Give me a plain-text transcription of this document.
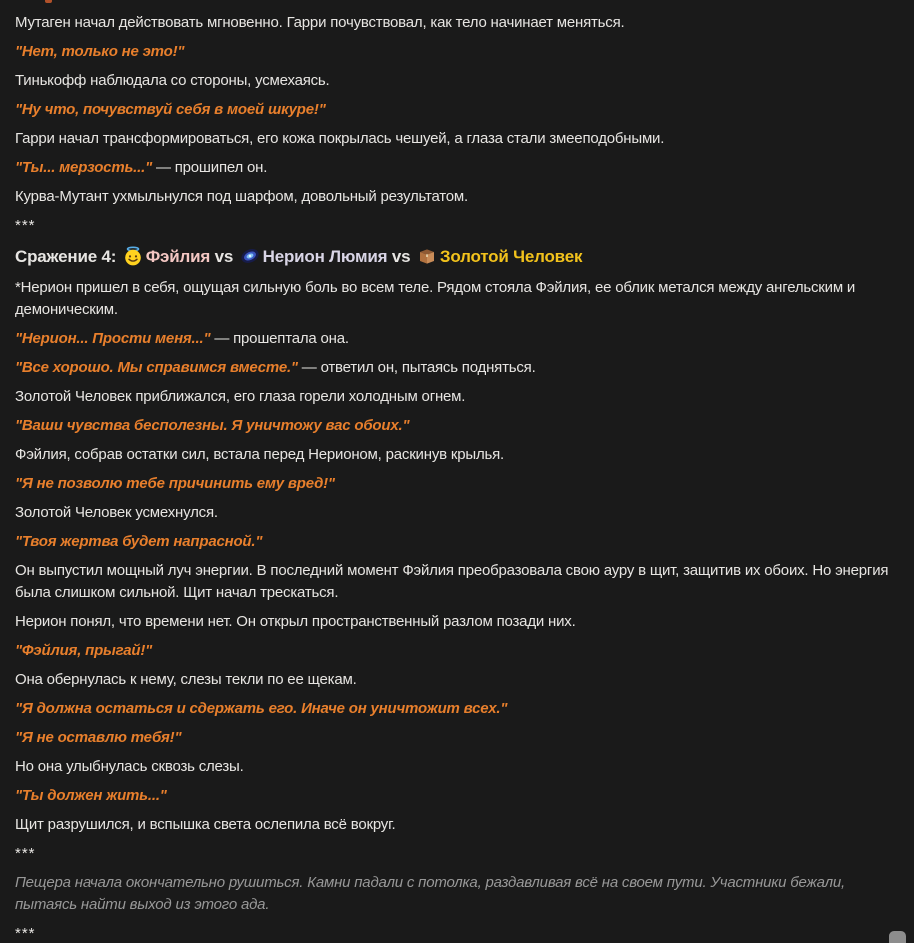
Мутаген начал действовать мгновенно. Гарри почувствовал, как тело начинает меняться.

"Нет, только не это!"

Тинькофф наблюдала со стороны, усмехаясь.

"Ну что, почувствуй себя в моей шкуре!"

Гарри начал трансформироваться, его кожа покрылась чешуей, а глаза стали змееподобными.

"Ты... мерзость..." — прошипел он.

Курва-Мутант ухмыльнулся под шарфом, довольный результатом.

***

Сражение 4: Фэйлия vs Нерион Люмия vs Золотой Человек

*Нерион пришел в себя, ощущая сильную боль во всем теле. Рядом стояла Фэйлия, ее облик метался между ангельским и демоническим.

"Нерион... Прости меня..." — прошептала она.

"Все хорошо. Мы справимся вместе." — ответил он, пытаясь подняться.

Золотой Человек приближался, его глаза горели холодным огнем.

"Ваши чувства бесполезны. Я уничтожу вас обоих."

Фэйлия, собрав остатки сил, встала перед Нерионом, раскинув крылья.

"Я не позволю тебе причинить ему вред!"

Золотой Человек усмехнулся.

"Твоя жертва будет напрасной."

Он выпустил мощный луч энергии. В последний момент Фэйлия преобразовала свою ауру в щит, защитив их обоих. Но энергия была слишком сильной. Щит начал трескаться.

Нерион понял, что времени нет. Он открыл пространственный разлом позади них.

"Фэйлия, прыгай!"

Она обернулась к нему, слезы текли по ее щекам.

"Я должна остаться и сдержать его. Иначе он уничтожит всех."

"Я не оставлю тебя!"

Но она улыбнулась сквозь слезы.

"Ты должен жить..."

Щит разрушился, и вспышка света ослепила всё вокруг.

***

Пещера начала окончательно рушиться. Камни падали с потолка, раздавливая всё на своем пути. Участники бежали, пытаясь найти выход из этого ада.

***
